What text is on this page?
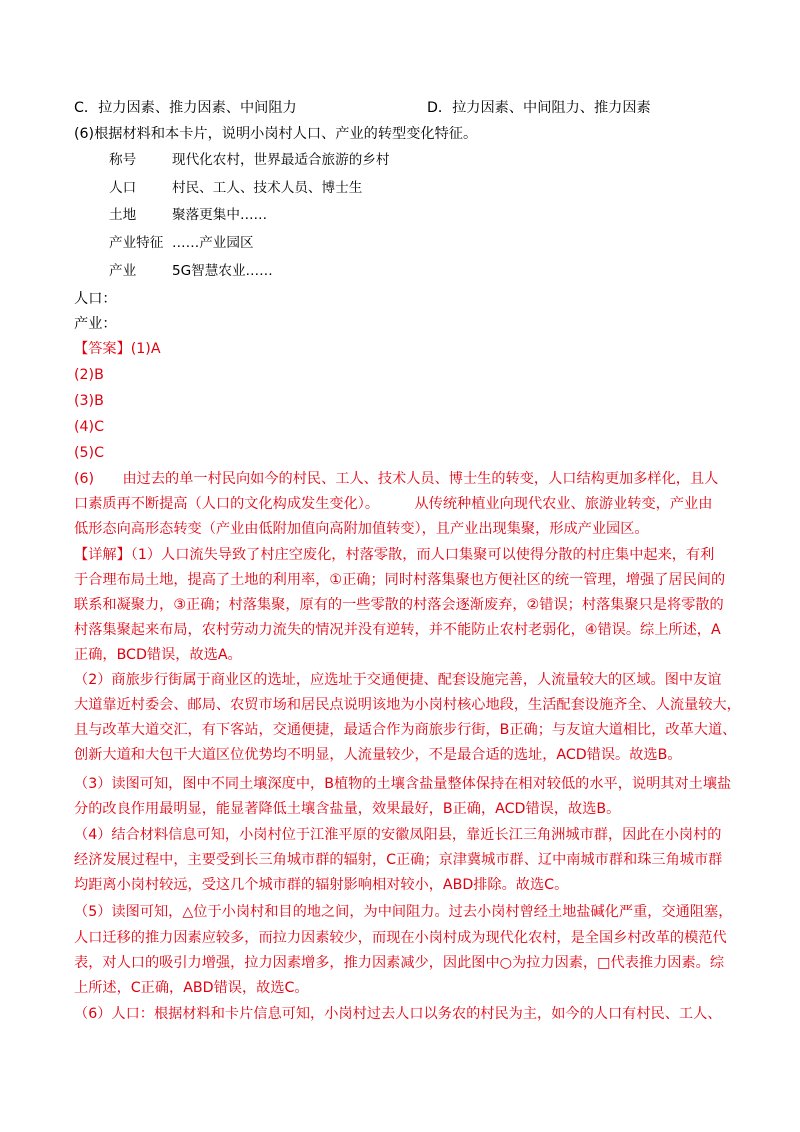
C．拉力因素、推力因素、中间阻力	D．拉力因素、中间阻力、推力因素
(6)根据材料和本卡片，说明小岗村人口、产业的转型变化特征。
称号	现代化农村，世界最适合旅游的乡村
人口	村民、工人、技术人员、博士生
土地	聚落更集中……
产业特征 ……产业园区
产业	5G智慧农业……
人口：
产业：
【答案】(1)A
(2)B
(3)B
(4)C
(5)C
(6)　　由过去的单一村民向如今的村民、工人、技术人员、博士生的转变，人口结构更加多样化，且人
口素质再不断提高（人口的文化构成发生变化）。　　　从传统种植业向现代农业、旅游业转变，产业由
低形态向高形态转变（产业由低附加值向高附加值转变），且产业出现集聚，形成产业园区。
【详解】（1）人口流失导致了村庄空废化，村落零散，而人口集聚可以使得分散的村庄集中起来，有利
于合理布局土地，提高了土地的利用率，①正确；同时村落集聚也方便社区的统一管理，增强了居民间的
联系和凝聚力，③正确；村落集聚，原有的一些零散的村落会逐渐废弃，②错误；村落集聚只是将零散的
村落集聚起来布局，农村劳动力流失的情况并没有逆转，并不能防止农村老弱化，④错误。综上所述，A
正确，BCD错误，故选A。
（2）商旅步行街属于商业区的选址，应选址于交通便捷、配套设施完善，人流量较大的区域。图中友谊
大道靠近村委会、邮局、农贸市场和居民点说明该地为小岗村核心地段，生活配套设施齐全、人流量较大，
且与改革大道交汇，有下客站，交通便捷，最适合作为商旅步行街，B正确；与友谊大道相比，改革大道、
创新大道和大包干大道区位优势均不明显，人流量较少，不是最合适的选址，ACD错误。故选B。
（3）读图可知，图中不同土壤深度中，B植物的土壤含盐量整体保持在相对较低的水平，说明其对土壤盐
分的改良作用最明显，能显著降低土壤含盐量，效果最好，B正确，ACD错误，故选B。
（4）结合材料信息可知，小岗村位于江淮平原的安徽凤阳县，靠近长江三角洲城市群，因此在小岗村的
经济发展过程中，主要受到长三角城市群的辐射，C正确；京津冀城市群、辽中南城市群和珠三角城市群
均距离小岗村较远，受这几个城市群的辐射影响相对较小，ABD排除。故选C。
（5）读图可知，△位于小岗村和目的地之间，为中间阻力。过去小岗村曾经土地盐碱化严重，交通阻塞，
人口迁移的推力因素应较多，而拉力因素较少，而现在小岗村成为现代化农村，是全国乡村改革的模范代
表，对人口的吸引力增强，拉力因素增多，推力因素减少，因此图中○为拉力因素，□代表推力因素。综
上所述，C正确，ABD错误，故选C。
（6）人口：根据材料和卡片信息可知，小岗村过去人口以务农的村民为主，如今的人口有村民、工人、
